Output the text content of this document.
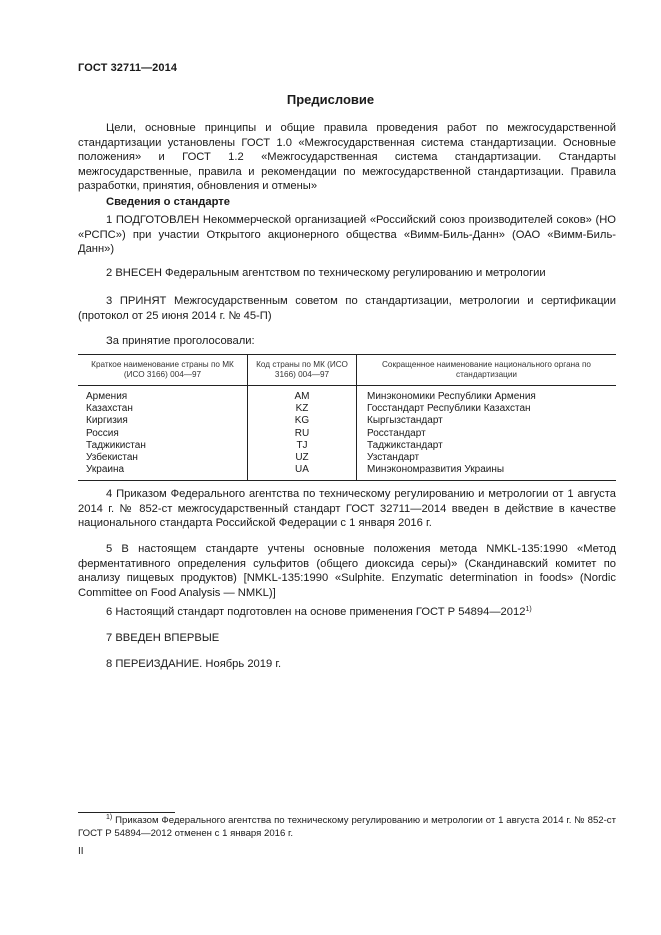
ГОСТ 32711—2014
Предисловие
Цели, основные принципы и общие правила проведения работ по межгосударственной стандартизации установлены ГОСТ 1.0 «Межгосударственная система стандартизации. Основные положения» и ГОСТ 1.2 «Межгосударственная система стандартизации. Стандарты межгосударственные, правила и рекомендации по межгосударственной стандартизации. Правила разработки, принятия, обновления и отмены»
Сведения о стандарте
1 ПОДГОТОВЛЕН Некоммерческой организацией «Российский союз производителей соков» (НО «РСПС») при участии Открытого акционерного общества «Вимм-Биль-Данн» (ОАО «Вимм-Биль-Данн»)
2 ВНЕСЕН Федеральным агентством по техническому регулированию и метрологии
3 ПРИНЯТ Межгосударственным советом по стандартизации, метрологии и сертификации (протокол от 25 июня 2014 г. № 45-П)
За принятие проголосовали:
Краткое наименование страны по МК (ИСО 3166) 004—97	Код страны по МК (ИСО 3166) 004—97	Сокращенное наименование национального органа по стандартизации
Армения	AM	Минэкономики Республики Армения
Казахстан	KZ	Госстандарт Республики Казахстан
Киргизия	KG	Кыргызстандарт
Россия	RU	Росстандарт
Таджикистан	TJ	Таджикстандарт
Узбекистан	UZ	Узстандарт
Украина	UA	Минэкономразвития Украины
4 Приказом Федерального агентства по техническому регулированию и метрологии от 1 августа 2014 г. № 852-ст межгосударственный стандарт ГОСТ 32711—2014 введен в действие в качестве национального стандарта Российской Федерации с 1 января 2016 г.
5 В настоящем стандарте учтены основные положения метода NMKL-135:1990 «Метод ферментативного определения сульфитов (общего диоксида серы)» (Скандинавский комитет по анализу пищевых продуктов) [NMKL-135:1990 «Sulphite. Enzymatic determination in foods» (Nordic Committee on Food Analysis — NMKL)]
6 Настоящий стандарт подготовлен на основе применения ГОСТ Р 54894—2012$^{1)}$
7 ВВЕДЕН ВПЕРВЫЕ
8 ПЕРЕИЗДАНИЕ. Ноябрь 2019 г.
$^{1)}$ Приказом Федерального агентства по техническому регулированию и метрологии от 1 августа 2014 г. № 852-ст ГОСТ Р 54894—2012 отменен с 1 января 2016 г.
II
